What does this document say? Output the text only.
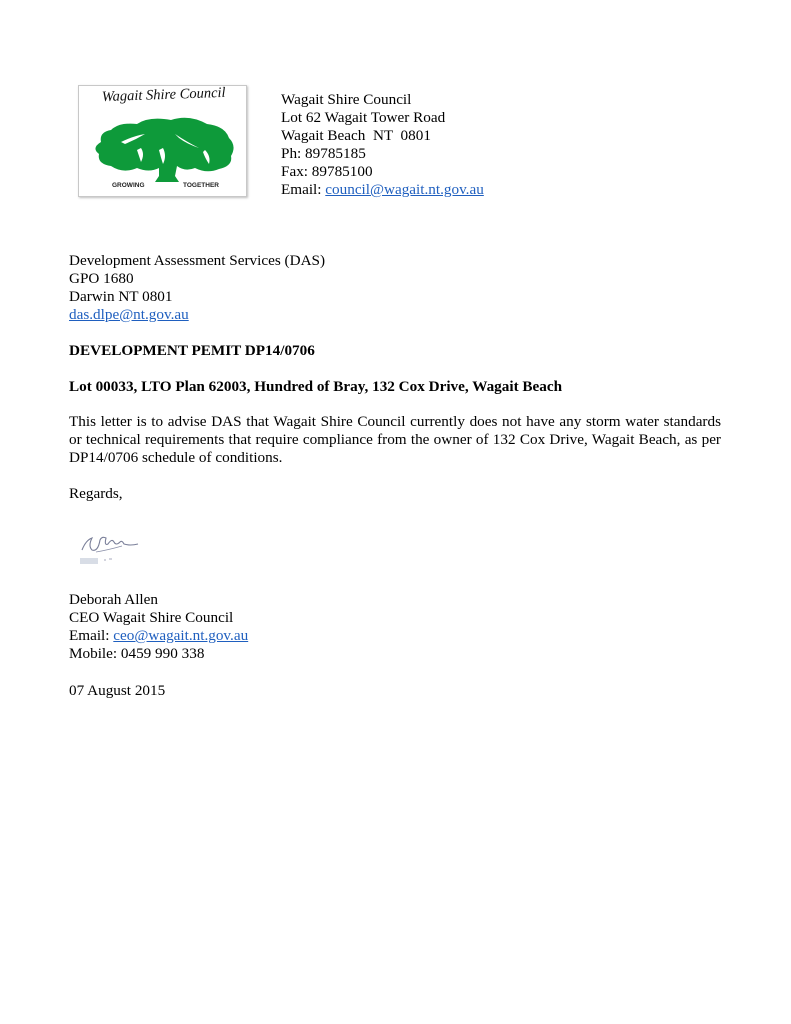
Wagait Shire Council
GROWING	TOGETHER
Wagait Shire Council
Lot 62 Wagait Tower Road
Wagait Beach  NT  0801
Ph: 89785185
Fax: 89785100
Email: council@wagait.nt.gov.au
Development Assessment Services (DAS)
GPO 1680
Darwin NT 0801
das.dlpe@nt.gov.au
DEVELOPMENT PEMIT DP14/0706
Lot 00033, LTO Plan 62003, Hundred of Bray, 132 Cox Drive, Wagait Beach
This letter is to advise DAS that Wagait Shire Council currently does not have any storm water standards or technical requirements that require compliance from the owner of 132 Cox Drive, Wagait Beach, as per DP14/0706 schedule of conditions.
Regards,
Deborah Allen
CEO Wagait Shire Council
Email: ceo@wagait.nt.gov.au
Mobile: 0459 990 338
07 August 2015
